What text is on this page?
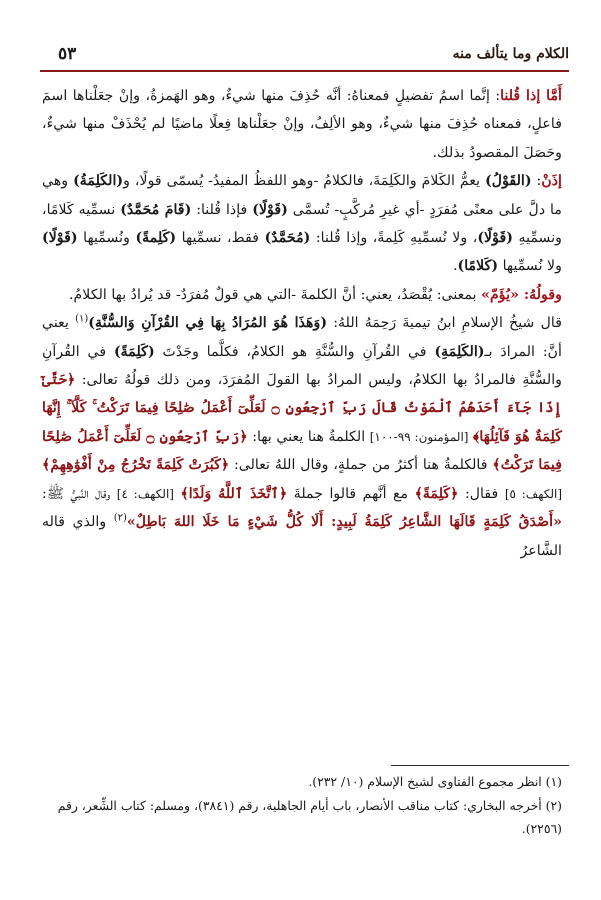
٥٣	الكلام وما يتألف منه

أَمَّا إذا قُلنا: إنَّما اسمُ تفضيلٍ فمعناهُ: أنَّه حُذِفَ منها شيءٌ، وهو الهَمزةُ، وإنْ جعَلْناها اسمَ فاعلٍ، فمعناه حُذِفَ منها شيءٌ، وهو الألِفُ، وإنْ جعَلْناها فِعلًا ماضيًا لم يُحْذَفْ منها شيءٌ، وحَصَلَ المقصودُ بذلك.

إذَنْ: (القَوْلُ) يعمُّ الكَلامَ والكَلِمَةَ، فالكلامُ -وهو اللفظُ المفيدُ- يُسمّى قولًا، و(الكَلِمَةُ) وهي ما دلَّ على معنًى مُفرَدٍ -أي غيرِ مُركَّبٍ- تُسمَّى (قَوْلًا) فإذا قُلنا: (قَامَ مُحَمَّدٌ) نسمِّيه كَلامًا، ونسمِّيهِ (قَوْلًا)، ولا نُسمِّيهِ كَلِمةً، وإذا قُلنا: (مُحَمَّدٌ) فقط، نسمِّيها (كَلِمةً) ونُسمِّيها (قَوْلًا) ولا نُسمِّيها (كَلامًا).

وقولُهُ: «يُؤَمّ» بمعنى: يُقْصَدُ، يعني: أنَّ الكلمةَ -التي هي قولٌ مُفرَدٌ- قد يُرادُ بها الكلامُ.

قال شيخُ الإسلامِ ابنُ تيميةَ رَحِمَهُ اللهُ: (وَهَذَا هُوَ المُرَادُ بِهَا فِي القُرْآنِ وَالسُّنَّةِ)$^{(١)}$ يعني أنَّ: المرادَ بـ(الكَلِمَةِ) في القُرآنِ والسُّنَّةِ هو الكلامُ، فكلَّما وجَدْتَ (كَلِمَةً) في القُرآنِ والسُّنَّةِ فالمرادُ بها الكلامُ، وليس المرادُ بها القولَ المُفرَدَ، ومن ذلك قولُهُ تعالى: ﴿حَتَّىٰٓ إِذَا جَآءَ أَحَدَهُمُ ٱلْمَوْتُ قَالَ رَبِّ ٱرْجِعُونِ ۝ لَعَلِّىٓ أَعْمَلُ صَٰلِحًا فِيمَا تَرَكْتُ ۚ كَلَّآ ۚ إِنَّهَا كَلِمَةٌ هُوَ قَآئِلُهَا﴾ [المؤمنون: ٩٩-١٠٠] الكلمةُ هنا يعني بها: ﴿رَبِّ ٱرْجِعُونِ ۝ لَعَلِّىٓ أَعْمَلُ صَٰلِحًا فِيمَا تَرَكْتُ﴾ فالكلمةُ هنا أكثرُ من جملةٍ، وقال اللهُ تعالى: ﴿كَبُرَتْ كَلِمَةً تَخْرُجُ مِنْ أَفْوَٰهِهِمْ﴾ [الكهف: ٥] فقال: ﴿كَلِمَةً﴾ مع أنَّهم قالوا جملةَ ﴿ٱتَّخَذَ ٱللَّهُ وَلَدًا﴾ [الكهف: ٤] وقال النَّبيُّ ﷺ: «أَصْدَقُ كَلِمَةٍ قَالَهَا الشَّاعِرُ كَلِمَةُ لَبِيدٍ: أَلَا كُلُّ شَيْءٍ مَا خَلَا اللهَ بَاطِلٌ»$^{(٢)}$ والذي قاله الشَّاعرُ

(١) انظر مجموع الفتاوى لشيخ الإسلام (١٠/ ٢٣٢).

(٢) أخرجه البخاري: كتاب مناقب الأنصار، باب أيام الجاهلية، رقم (٣٨٤١)، ومسلم: كتاب الشِّعر، رقم (٢٢٥٦).
